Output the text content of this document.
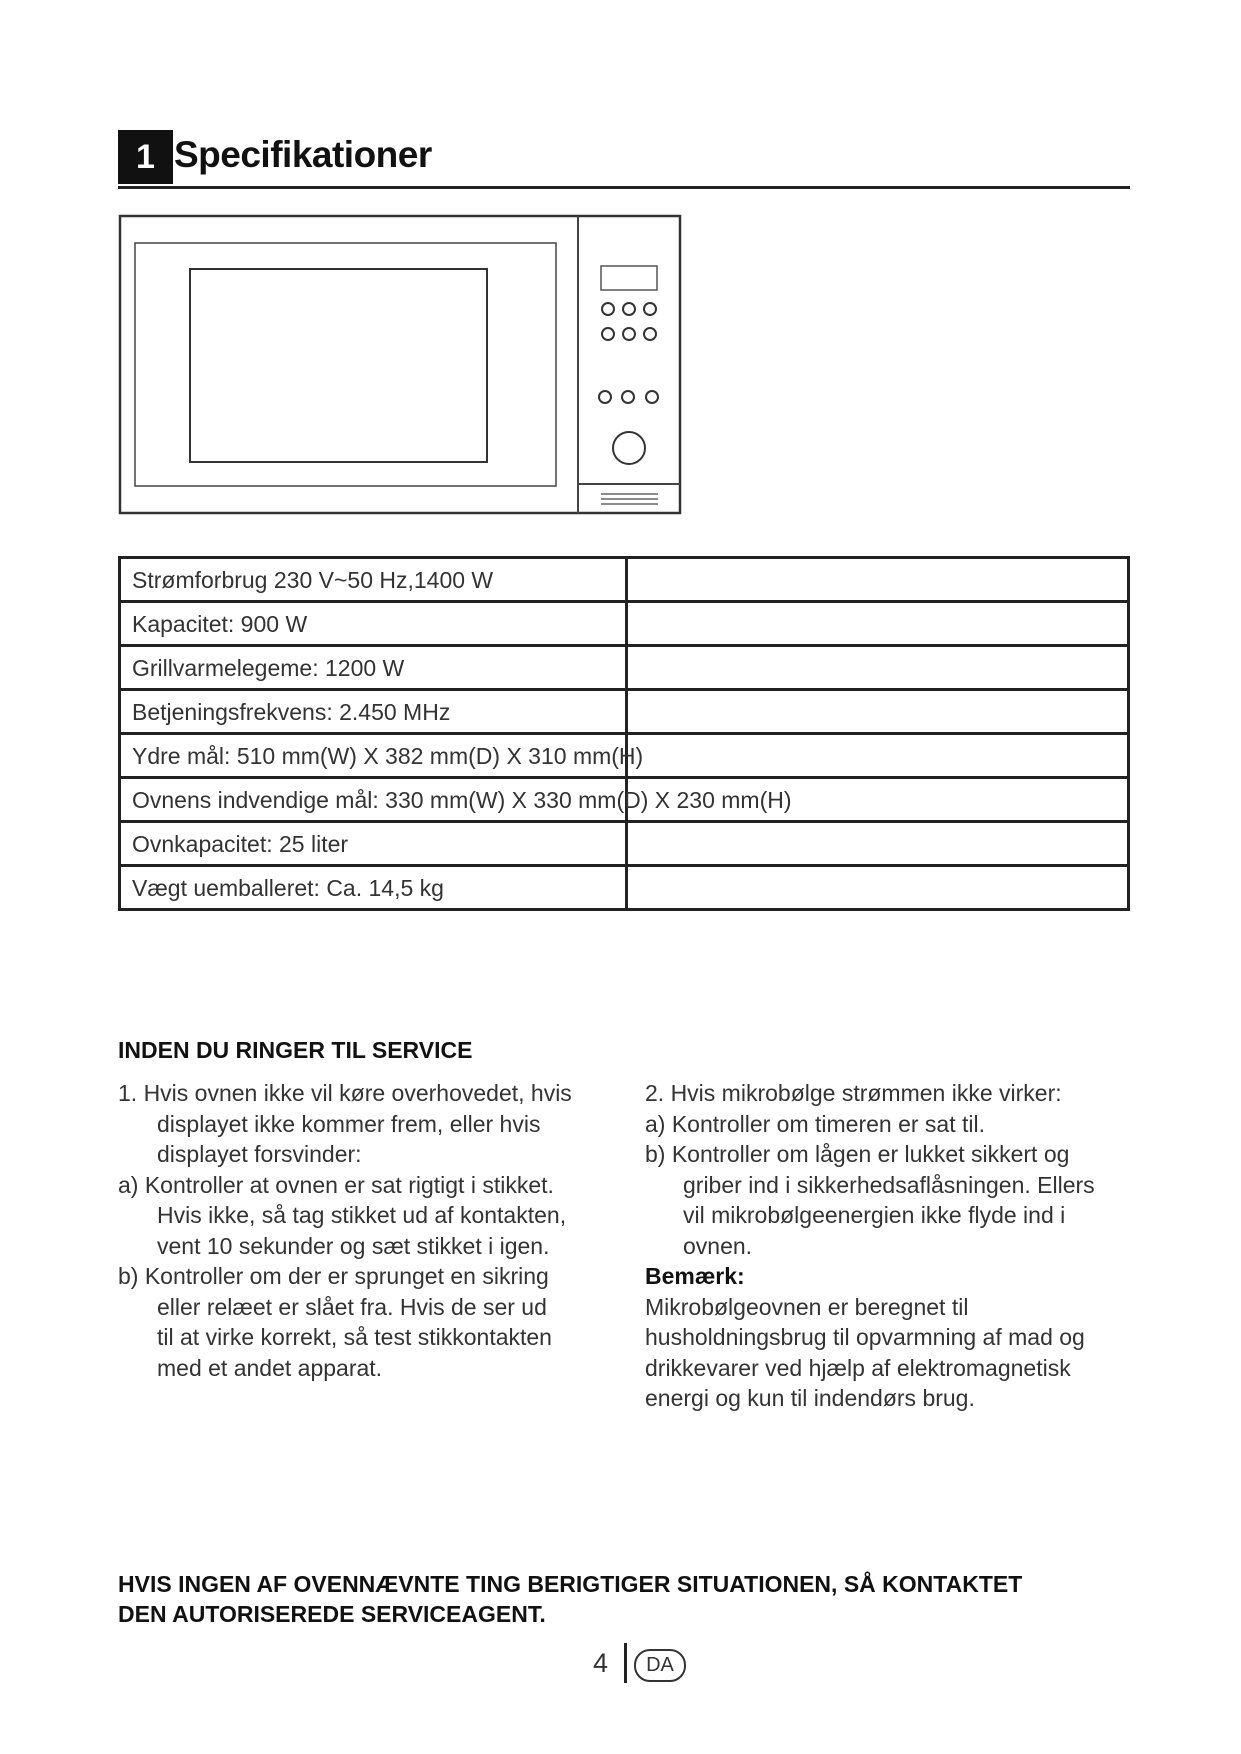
1 Specifikationer
Strømforbrug 230 V~50 Hz,1400 W	

Kapacitet: 900 W	

Grillvarmelegeme: 1200 W	

Betjeningsfrekvens: 2.450 MHz	

Ydre mål: 510 mm(W) X 382 mm(D) X 310 mm(H)	

Ovnens indvendige mål: 330 mm(W) X 330 mm(D) X 230 mm(H)	

Ovnkapacitet: 25 liter	

Vægt uemballeret: Ca. 14,5 kg	

INDEN DU RINGER TIL SERVICE

1. Hvis ovnen ikke vil køre overhovedet, hvis

displayet ikke kommer frem, eller hvis

displayet forsvinder:

a) Kontroller at ovnen er sat rigtigt i stikket.

Hvis ikke, så tag stikket ud af kontakten,

vent 10 sekunder og sæt stikket i igen.

b) Kontroller om der er sprunget en sikring

eller relæet er slået fra. Hvis de ser ud

til at virke korrekt, så test stikkontakten

med et andet apparat.

2. Hvis mikrobølge strømmen ikke virker:

a) Kontroller om timeren er sat til.

b) Kontroller om lågen er lukket sikkert og

griber ind i sikkerhedsaflåsningen. Ellers

vil mikrobølgeenergien ikke flyde ind i

ovnen.

Bemærk:

Mikrobølgeovnen er beregnet til

husholdningsbrug til opvarmning af mad og

drikkevarer ved hjælp af elektromagnetisk

energi og kun til indendørs brug.

HVIS INGEN AF OVENNÆVNTE TING BERIGTIGER SITUATIONEN, SÅ KONTAKTET
DEN AUTORISEREDE SERVICEAGENT.
4	DA
